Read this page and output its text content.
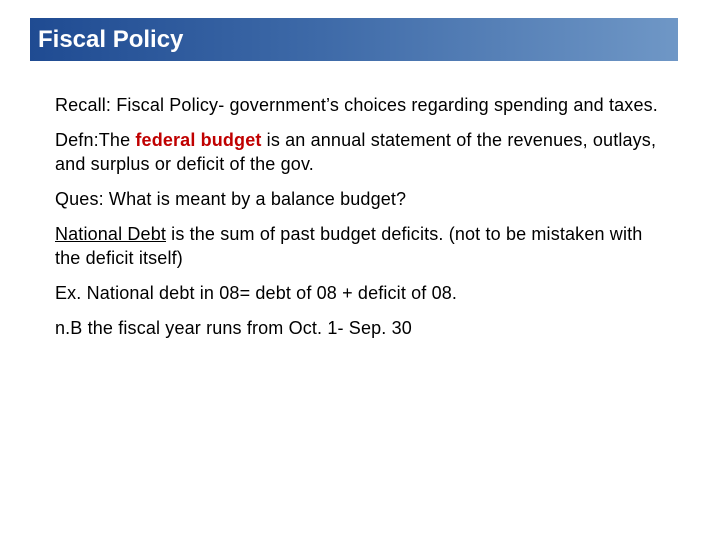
Fiscal Policy

Recall: Fiscal Policy- government’s choices regarding spending and taxes.

Defn:The federal budget is an annual statement of the revenues, outlays, and surplus or deficit of the gov.

Ques: What is meant by a balance budget?

National Debt is the sum of past budget deficits. (not to be mistaken with the deficit itself)

Ex. National debt in 08= debt of 08 + deficit of 08.

n.B the fiscal year runs from Oct. 1- Sep. 30
